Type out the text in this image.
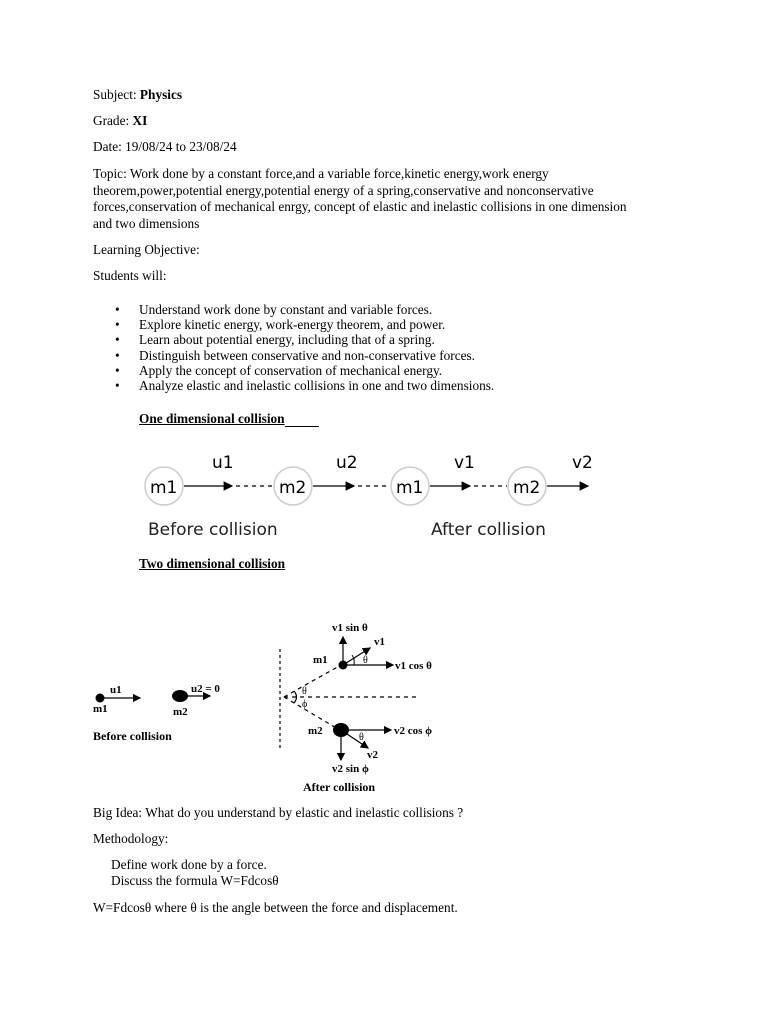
Subject: Physics

Grade: XI

Date: 19/08/24 to 23/08/24

Topic: Work done by a constant force,and a variable force,kinetic energy,work energy
theorem,power,potential energy,potential energy of a spring,conservative and nonconservative
forces,conservation of mechanical enrgy, concept of elastic and inelastic collisions in one dimension
and two dimensions

Learning Objective:

Students will:

• Understand work done by constant and variable forces.
• Explore kinetic energy, work-energy theorem, and power.
• Learn about potential energy, including that of a spring.
• Distinguish between conservative and non-conservative forces.
• Apply the concept of conservation of mechanical energy.
• Analyze elastic and inelastic collisions in one and two dimensions.
One dimensional collision
m1	m2	m1	m2
u1	u2	v1	v2
Before collision	After collision
Two dimensional collision
u1
m1
u2 = 0
m2
Before collision
θ
ϕ
v1 sin θ
v1
m1	θ v1 cos θ
m2
θ
v2 cos ϕ
v2
v2 sin ϕ
After collision

Big Idea: What do you understand by elastic and inelastic collisions ?

Methodology:

Define work done by a force.
Discuss the formula W=Fdcosθ

W=Fdcosθ where θ is the angle between the force and displacement.
